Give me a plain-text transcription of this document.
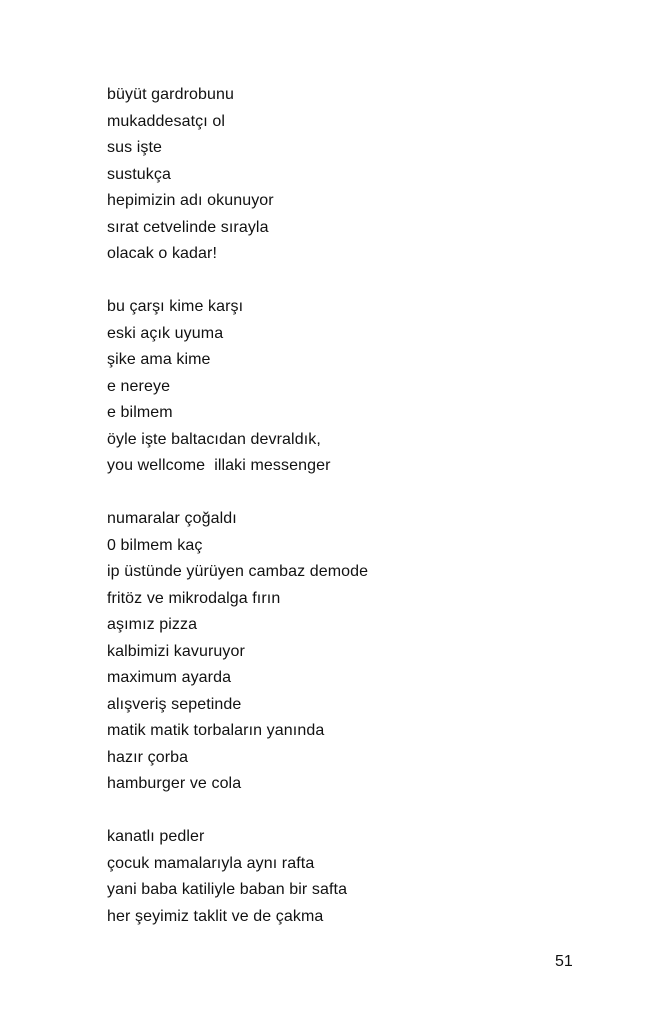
büyüt gardrobunu
mukaddesatçı ol
sus işte
sustukça
hepimizin adı okunuyor
sırat cetvelinde sırayla
olacak o kadar!
bu çarşı kime karşı
eski açık uyuma
şike ama kime
e nereye
e bilmem
öyle işte baltacıdan devraldık,
you wellcome  illaki messenger
numaralar çoğaldı
0 bilmem kaç
ip üstünde yürüyen cambaz demode
fritöz ve mikrodalga fırın
aşımız pizza
kalbimizi kavuruyor
maximum ayarda
alışveriş sepetinde
matik matik torbaların yanında
hazır çorba
hamburger ve cola
kanatlı pedler
çocuk mamalarıyla aynı rafta
yani baba katiliyle baban bir safta
her şeyimiz taklit ve de çakma
51
